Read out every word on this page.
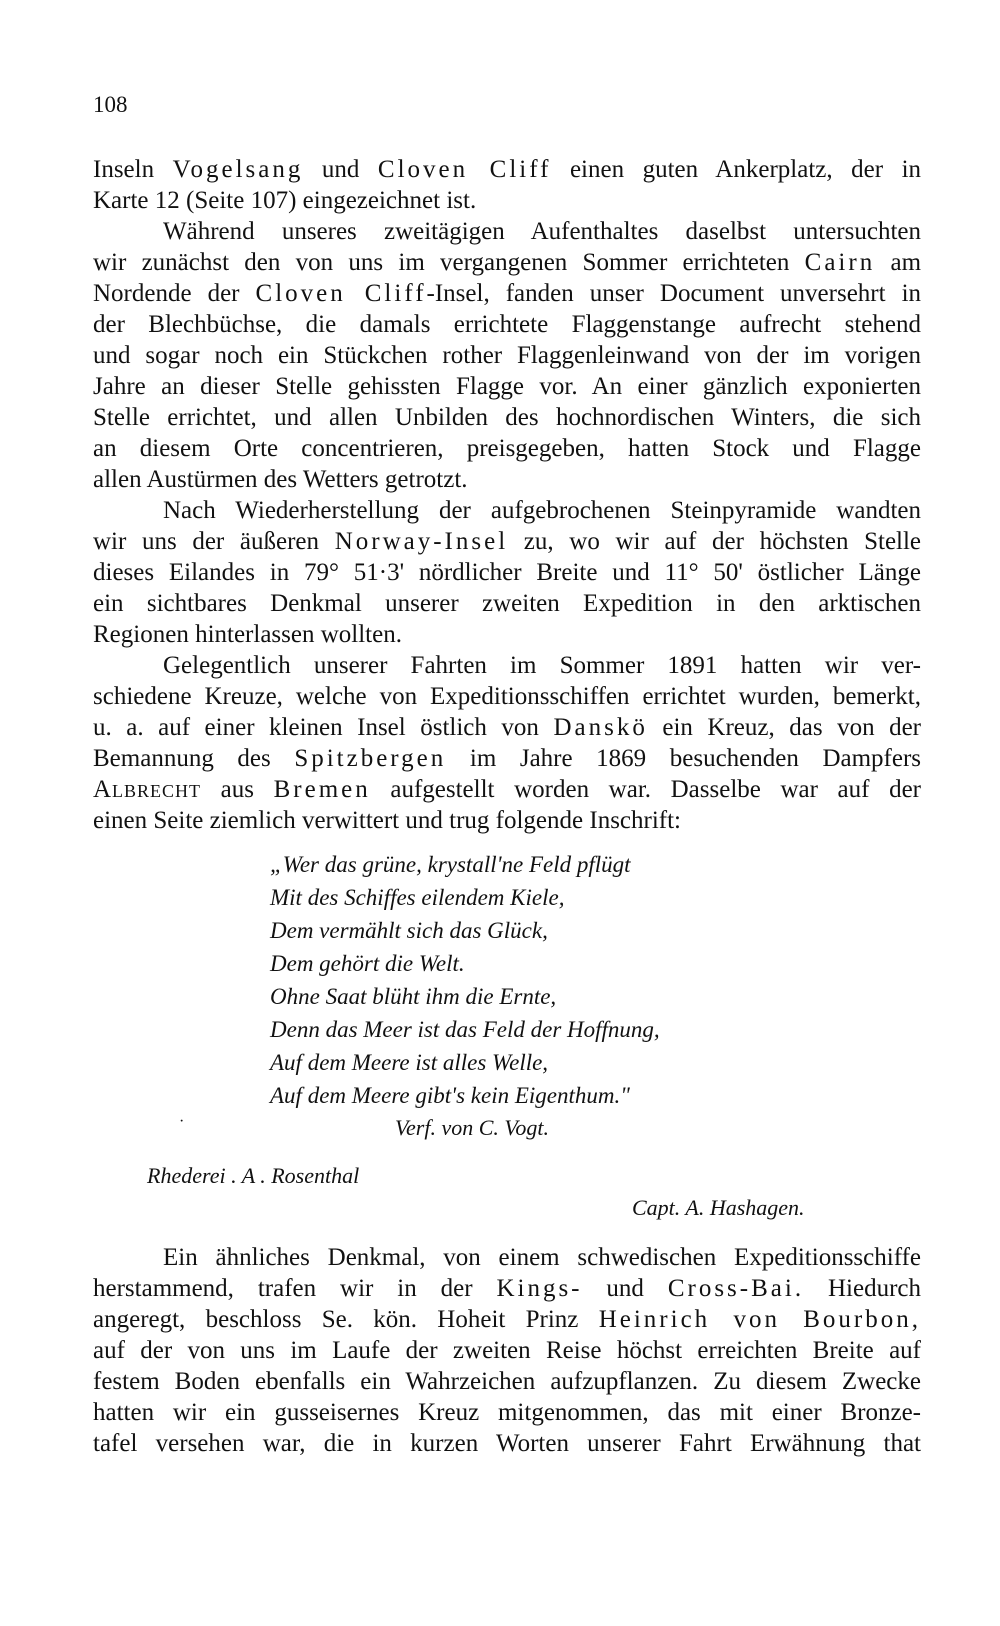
108
Inseln Vogelsang und Cloven Cliff einen guten Ankerplatz, der in
Karte 12 (Seite 107) eingezeichnet ist.
Während unseres zweitägigen Aufenthaltes daselbst untersuchten
wir zunächst den von uns im vergangenen Sommer errichteten Cairn am
Nordende der Cloven Cliff-Insel, fanden unser Document unversehrt in
der Blechbüchse, die damals errichtete Flaggenstange aufrecht stehend
und sogar noch ein Stückchen rother Flaggenleinwand von der im vorigen
Jahre an dieser Stelle gehissten Flagge vor. An einer gänzlich exponierten
Stelle errichtet, und allen Unbilden des hochnordischen Winters, die sich
an diesem Orte concentrieren, preisgegeben, hatten Stock und Flagge
allen Austürmen des Wetters getrotzt.
Nach Wiederherstellung der aufgebrochenen Steinpyramide wandten
wir uns der äußeren Norway-Insel zu, wo wir auf der höchsten Stelle
dieses Eilandes in 79° 51·3' nördlicher Breite und 11° 50' östlicher Länge
ein sichtbares Denkmal unserer zweiten Expedition in den arktischen
Regionen hinterlassen wollten.
Gelegentlich unserer Fahrten im Sommer 1891 hatten wir ver-
schiedene Kreuze, welche von Expeditionsschiffen errichtet wurden, bemerkt,
u. a. auf einer kleinen Insel östlich von Danskö ein Kreuz, das von der
Bemannung des Spitzbergen im Jahre 1869 besuchenden Dampfers
Albrecht aus Bremen aufgestellt worden war. Dasselbe war auf der
einen Seite ziemlich verwittert und trug folgende Inschrift:
„Wer das grüne, krystall'ne Feld pflügt
Mit des Schiffes eilendem Kiele,
Dem vermählt sich das Glück,
Dem gehört die Welt.
Ohne Saat blüht ihm die Ernte,
Denn das Meer ist das Feld der Hoffnung,
Auf dem Meere ist alles Welle,
Auf dem Meere gibt's kein Eigenthum."
·	Verf. von C. Vogt.
Rhederei . A . Rosenthal
Capt. A. Hashagen.
Ein ähnliches Denkmal, von einem schwedischen Expeditionsschiffe
herstammend, trafen wir in der Kings- und Cross-Bai. Hiedurch
angeregt, beschloss Se. kön. Hoheit Prinz Heinrich von Bourbon,
auf der von uns im Laufe der zweiten Reise höchst erreichten Breite auf
festem Boden ebenfalls ein Wahrzeichen aufzupflanzen. Zu diesem Zwecke
hatten wir ein gusseisernes Kreuz mitgenommen, das mit einer Bronze-
tafel versehen war, die in kurzen Worten unserer Fahrt Erwähnung that
